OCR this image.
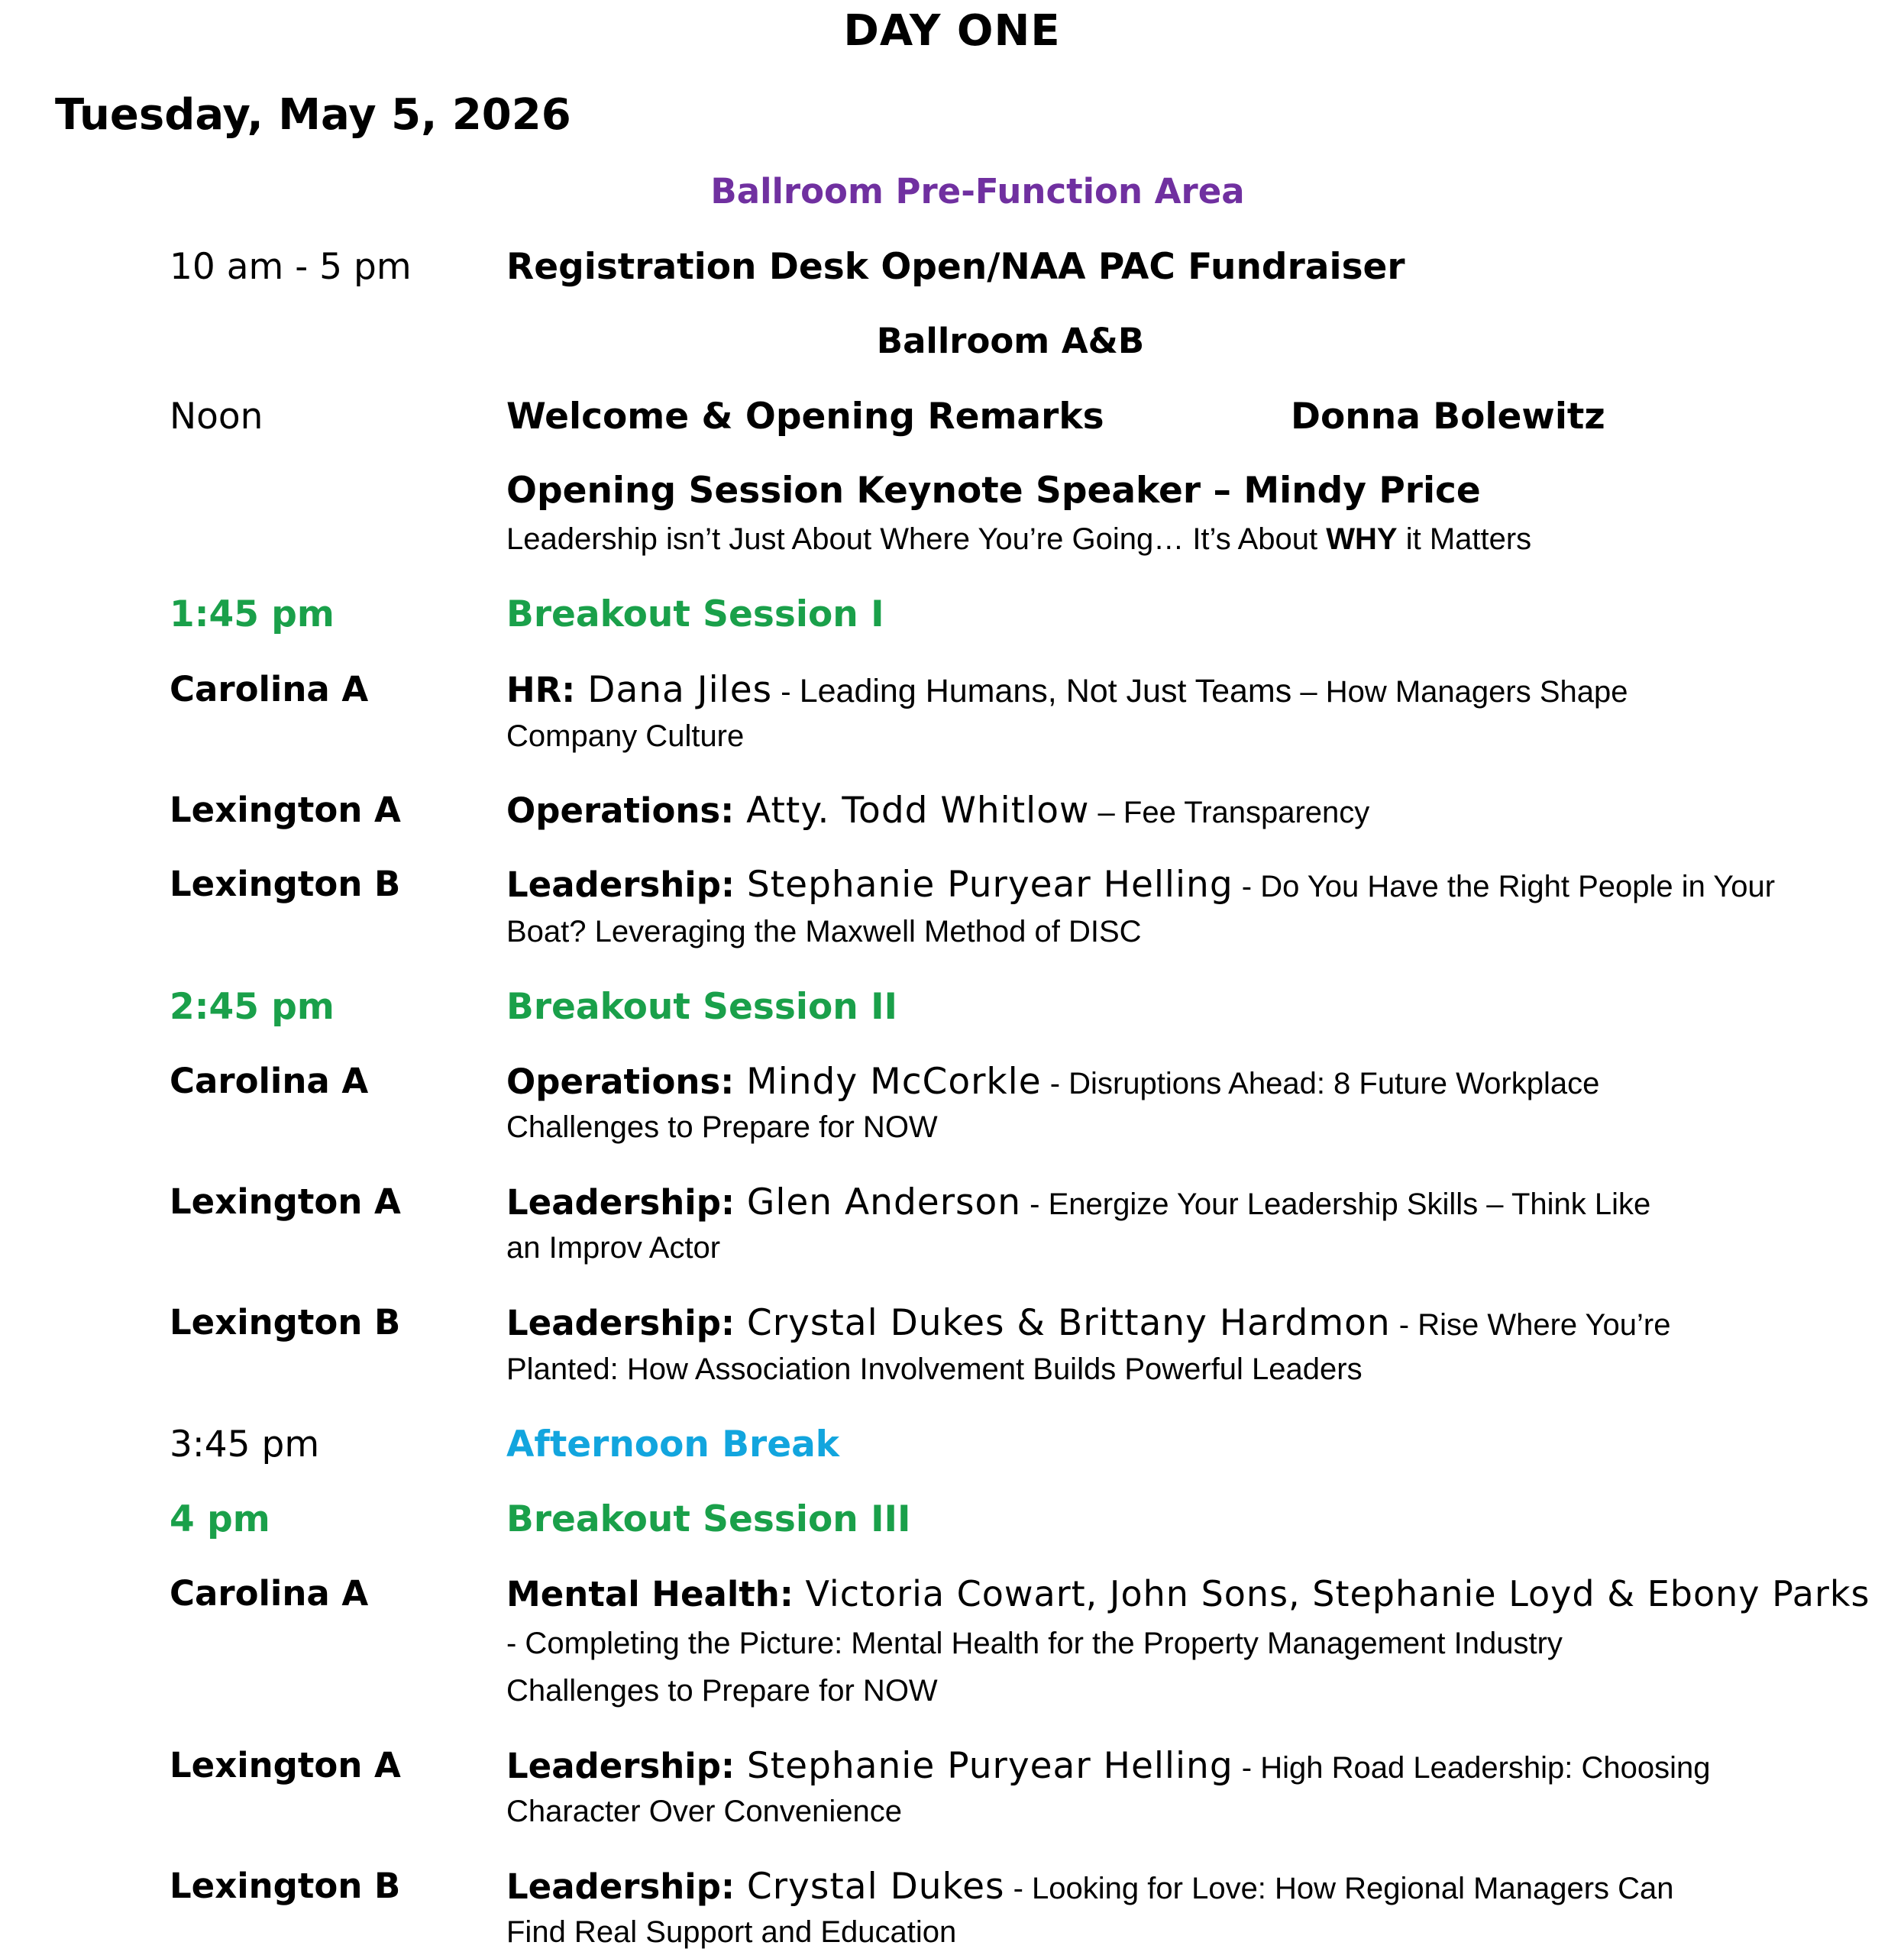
DAY ONE
Tuesday, May 5, 2026
Ballroom Pre-Function Area
10 am - 5 pm	Registration Desk Open/NAA PAC Fundraiser
Ballroom A&B
Noon	Welcome & Opening Remarks	Donna Bolewitz
Opening Session Keynote Speaker – Mindy Price
Leadership isn’t Just About Where You’re Going… It’s About WHY it Matters
1:45 pm	Breakout Session I
Carolina A	HR: Dana Jiles - Leading Humans, Not Just Teams – How Managers Shape
Company Culture
Lexington A	Operations: Atty. Todd Whitlow – Fee Transparency
Lexington B	Leadership: Stephanie Puryear Helling - Do You Have the Right People in Your
Boat? Leveraging the Maxwell Method of DISC
2:45 pm	Breakout Session II
Carolina A	Operations: Mindy McCorkle - Disruptions Ahead: 8 Future Workplace
Challenges to Prepare for NOW
Lexington A	Leadership: Glen Anderson - Energize Your Leadership Skills – Think Like
an Improv Actor
Lexington B	Leadership: Crystal Dukes & Brittany Hardmon - Rise Where You’re
Planted: How Association Involvement Builds Powerful Leaders
3:45 pm	Afternoon Break
4 pm	Breakout Session III
Carolina A	Mental Health: Victoria Cowart, John Sons, Stephanie Loyd & Ebony Parks
- Completing the Picture: Mental Health for the Property Management Industry
Challenges to Prepare for NOW
Lexington A	Leadership: Stephanie Puryear Helling - High Road Leadership: Choosing
Character Over Convenience
Lexington B	Leadership: Crystal Dukes - Looking for Love: How Regional Managers Can
Find Real Support and Education
